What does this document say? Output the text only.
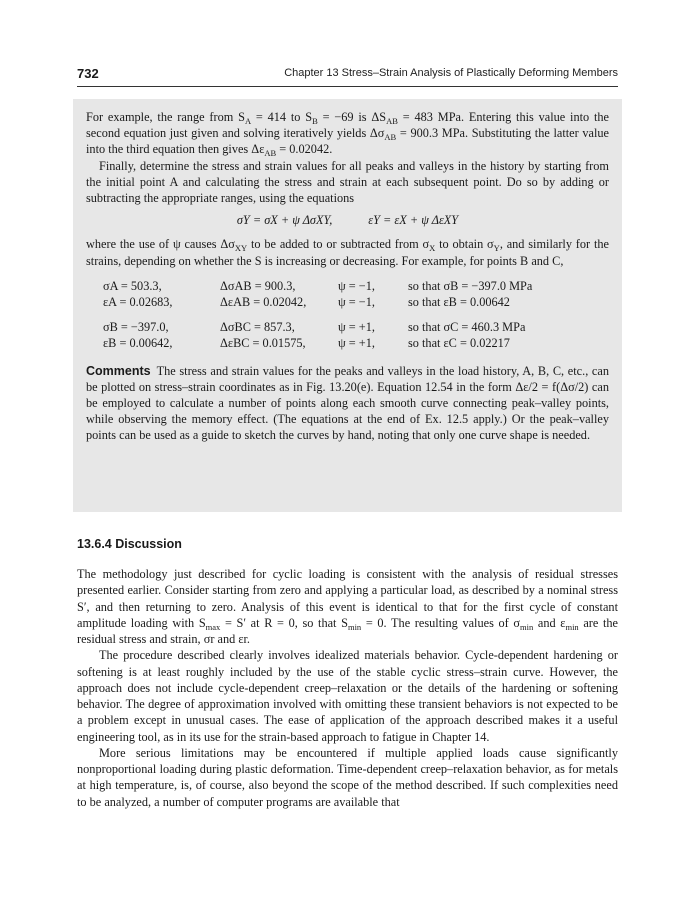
732	Chapter 13 Stress–Strain Analysis of Plastically Deforming Members

For example, the range from $S_A = 414$ to $S_B = -69$ is $\Delta S_{AB} = 483$ MPa. Entering this value into the second equation just given and solving iteratively yields $\Delta\sigma_{AB} = 900.3$ MPa. Substituting the latter value into the third equation then gives $\Delta\varepsilon_{AB} = 0.02042$.

Finally, determine the stress and strain values for all peaks and valleys in the history by starting from the initial point A and calculating the stress and strain at each subsequent point. Do so by adding or subtracting the appropriate ranges, using the equations

σY = σX + ψ ΔσXY,	εY = εX + ψ ΔεXY

where the use of ψ causes $\Delta\sigma_{XY}$ to be added to or subtracted from $\sigma_X$ to obtain $\sigma_Y$, and similarly for the strains, depending on whether the S is increasing or decreasing. For example, for points B and C,

σA = 503.3,	ΔσAB = 900.3,	ψ = −1,	so that σB = −397.0 MPa
εA = 0.02683,	ΔεAB = 0.02042,	ψ = −1,	so that εB = 0.00642

σB = −397.0,	ΔσBC = 857.3,	ψ = +1,	so that σC = 460.3 MPa
εB = 0.00642,	ΔεBC = 0.01575,	ψ = +1,	so that εC = 0.02217

Comments The stress and strain values for the peaks and valleys in the load history, A, B, C, etc., can be plotted on stress–strain coordinates as in Fig. 13.20(e). Equation 12.54 in the form Δε/2 = f(Δσ/2) can be employed to calculate a number of points along each smooth curve connecting peak–valley points, while observing the memory effect. (The equations at the end of Ex. 12.5 apply.) Or the peak–valley points can be used as a guide to sketch the curves by hand, noting that only one curve shape is needed.

13.6.4 Discussion

The methodology just described for cyclic loading is consistent with the analysis of residual stresses presented earlier. Consider starting from zero and applying a particular load, as described by a nominal stress S′, and then returning to zero. Analysis of this event is identical to that for the first cycle of constant amplitude loading with $S_{max} = S'$ at R = 0, so that $S_{min} = 0$. The resulting values of $\sigma_{min}$ and $\varepsilon_{min}$ are the residual stress and strain, σr and εr.

The procedure described clearly involves idealized materials behavior. Cycle-dependent hardening or softening is at least roughly included by the use of the stable cyclic stress–strain curve. However, the approach does not include cycle-dependent creep–relaxation or the details of the hardening or softening behavior. The degree of approximation involved with omitting these transient behaviors is not expected to be a problem except in unusual cases. The ease of application of the approach described makes it a useful engineering tool, as in its use for the strain-based approach to fatigue in Chapter 14.

More serious limitations may be encountered if multiple applied loads cause significantly nonproportional loading during plastic deformation. Time-dependent creep–relaxation behavior, as for metals at high temperature, is, of course, also beyond the scope of the method described. If such complexities need to be analyzed, a number of computer programs are available that
